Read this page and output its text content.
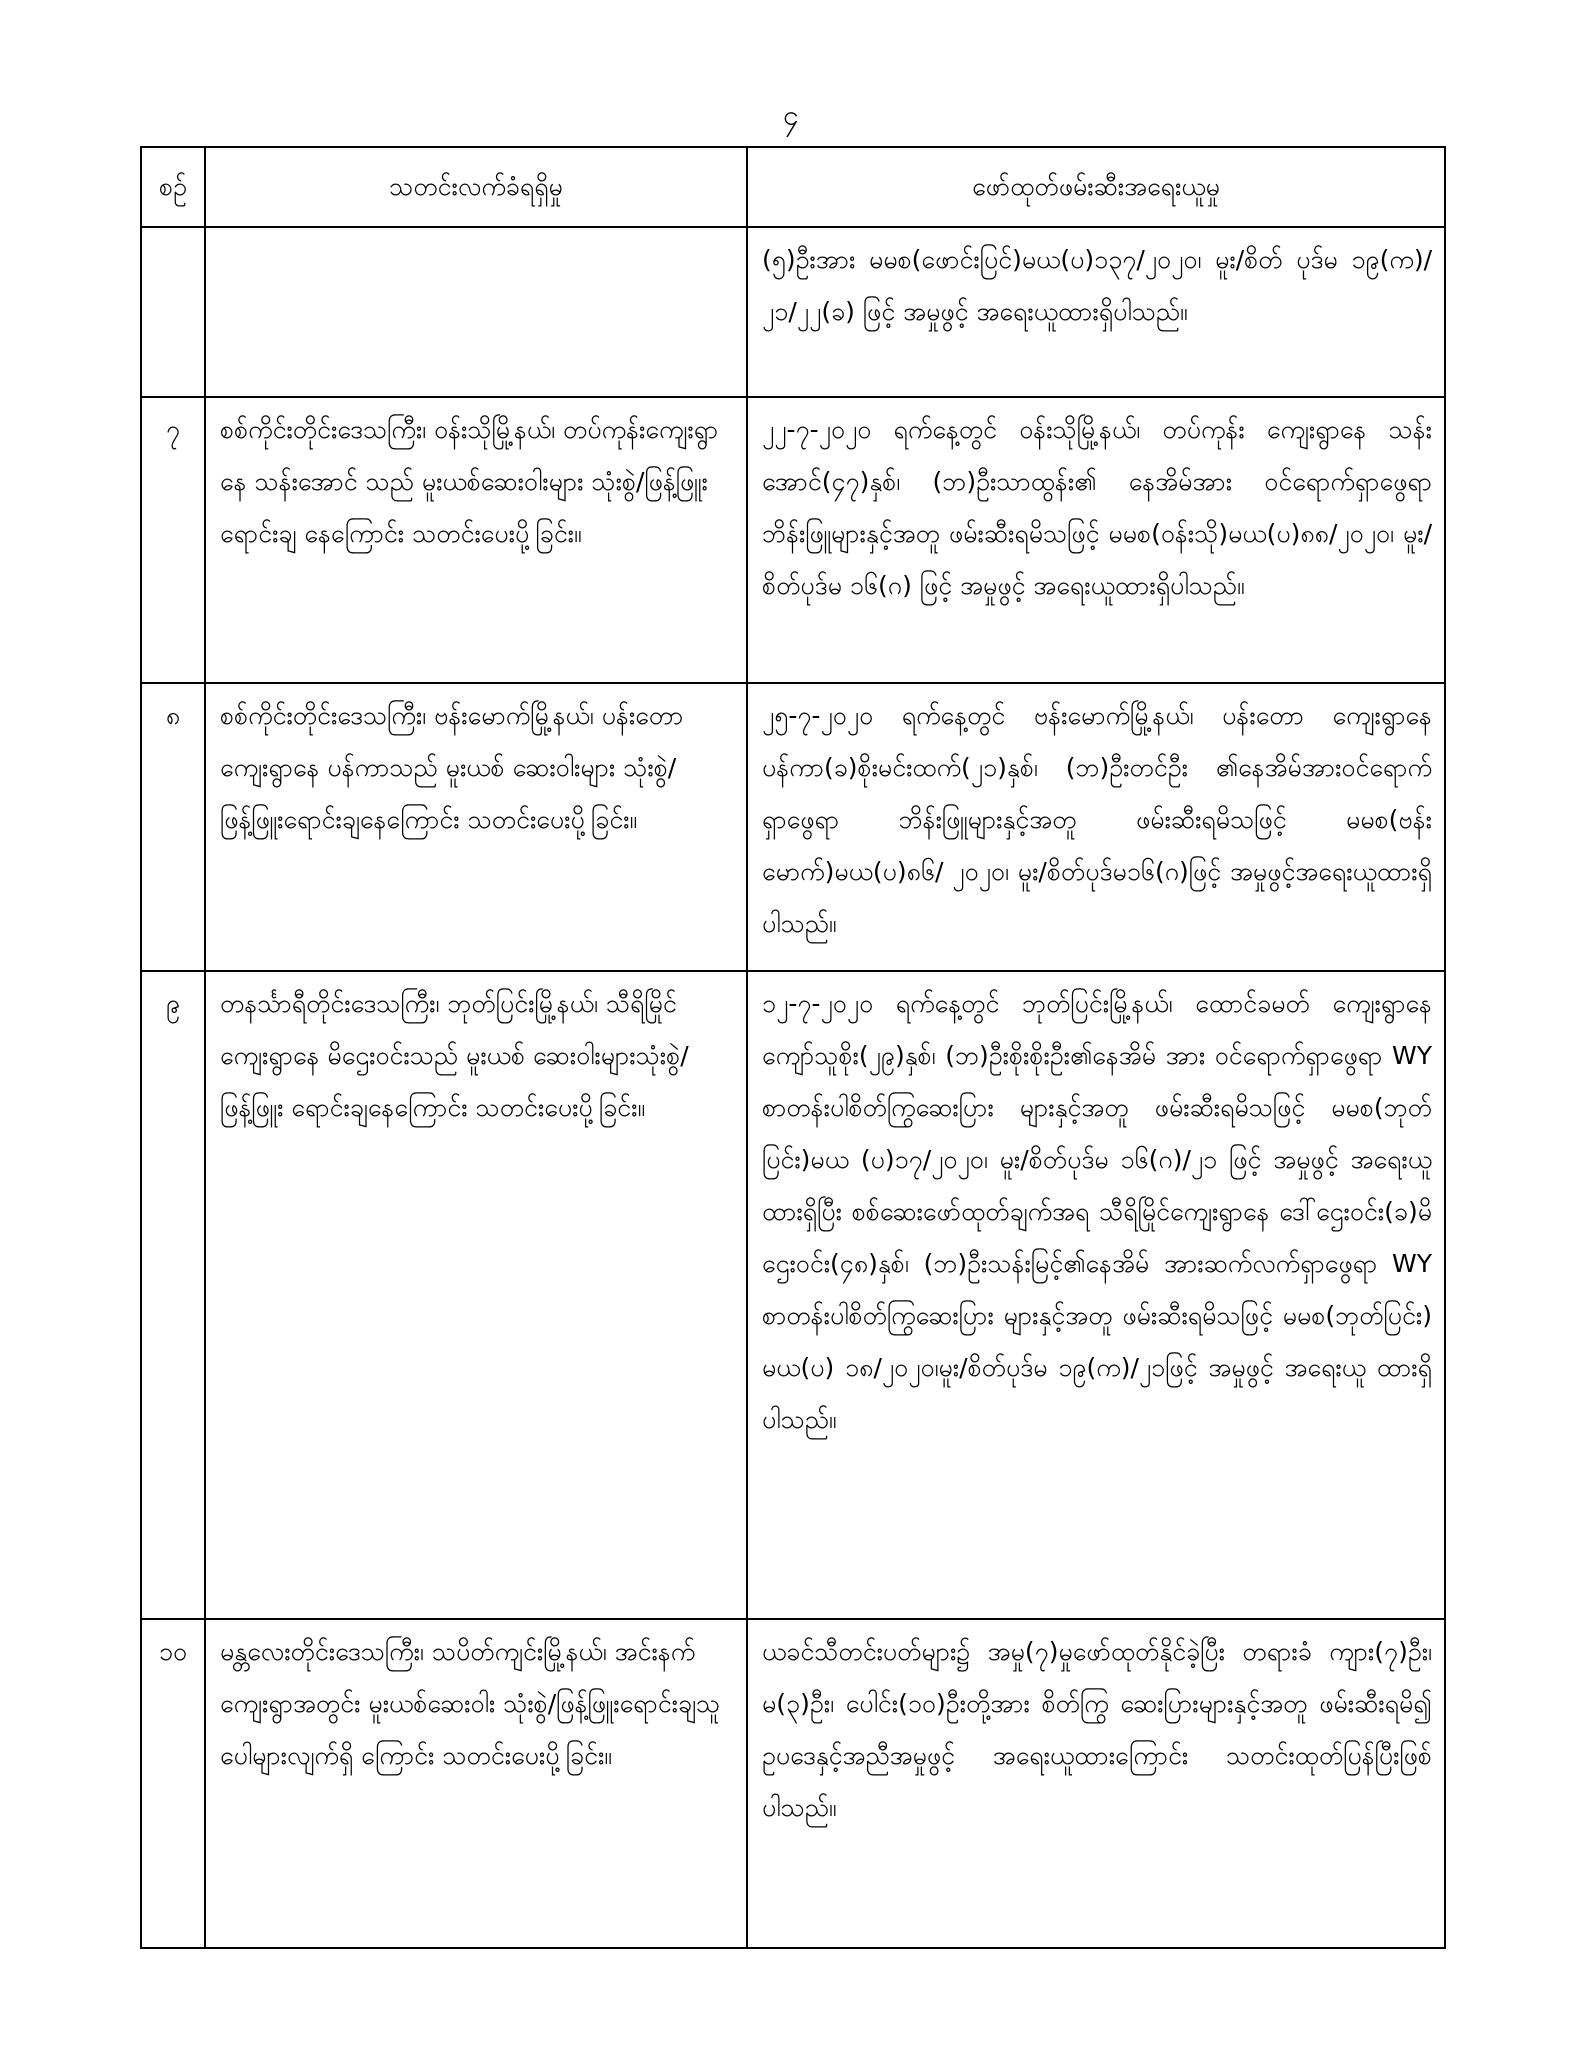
၄
စဉ်	သတင်းလက်ခံရရှိမှု	ဖော်ထုတ်ဖမ်းဆီးအရေးယူမှု
		(၅)ဦးအား မမစ(ဖောင်းပြင်)မယ(ပ)၁၃၇/၂၀၂၀၊ မူး/စိတ် ပုဒ်မ ၁၉(က)/၂၁/၂၂(ခ) ဖြင့် အမှုဖွင့် အရေးယူထားရှိပါသည်။
၇	စစ်ကိုင်းတိုင်းဒေသကြီး၊ ဝန်းသိုမြို့နယ်၊ တပ်ကုန်းကျေးရွာနေ သန်းအောင် သည် မူးယစ်ဆေးဝါးများ သုံးစွဲ/ဖြန့်ဖြူးရောင်းချ နေကြောင်း သတင်းပေးပို့ခြင်း။	၂၂-၇-၂၀၂၀ ရက်နေ့တွင် ဝန်းသိုမြို့နယ်၊ တပ်ကုန်း ကျေးရွာနေ သန်းအောင်(၄၇)နှစ်၊ (ဘ)ဦးသာထွန်း၏ နေအိမ်အား ဝင်ရောက်ရှာဖွေရာ ဘိန်းဖြူများနှင့်အတူ ဖမ်းဆီးရမိသဖြင့် မမစ(ဝန်းသို)မယ(ပ)၈၈/၂၀၂၀၊ မူး/စိတ်ပုဒ်မ ၁၆(ဂ) ဖြင့် အမှုဖွင့် အရေးယူထားရှိပါသည်။
၈	စစ်ကိုင်းတိုင်းဒေသကြီး၊ ဗန်းမောက်မြို့နယ်၊ ပန်းတောကျေးရွာနေ ပန်ကာသည် မူးယစ် ဆေးဝါးများ သုံးစွဲ/ဖြန့်ဖြူးရောင်းချနေကြောင်း သတင်းပေးပို့ခြင်း။	၂၅-၇-၂၀၂၀ ရက်နေ့တွင် ဗန်းမောက်မြို့နယ်၊ ပန်းတော ကျေးရွာနေ ပန်ကာ(ခ)စိုးမင်းထက်(၂၁)နှစ်၊ (ဘ)ဦးတင်ဦး ၏နေအိမ်အားဝင်ရောက်ရှာဖွေရာ ဘိန်းဖြူများနှင့်အတူ ဖမ်းဆီးရမိသဖြင့် မမစ(ဗန်းမောက်)မယ(ပ)၈၆/ ၂၀၂၀၊ မူး/စိတ်ပုဒ်မ၁၆(ဂ)ဖြင့် အမှုဖွင့်အရေးယူထားရှိပါသည်။
၉	တနင်္သာရီတိုင်းဒေသကြီး၊ ဘုတ်ပြင်းမြို့နယ်၊ သီရိမြိုင်ကျေးရွာနေ မိဌေးဝင်းသည် မူးယစ် ဆေးဝါးများသုံးစွဲ/ဖြန့်ဖြူး ရောင်းချနေကြောင်း သတင်းပေးပို့ခြင်း။	၁၂-၇-၂၀၂၀ ရက်နေ့တွင် ဘုတ်ပြင်းမြို့နယ်၊ ထောင်ခမတ် ကျေးရွာနေ ကျော်သူစိုး(၂၉)နှစ်၊ (ဘ)ဦးစိုးစိုးဦး၏နေအိမ် အား ဝင်ရောက်ရှာဖွေရာ WY စာတန်းပါစိတ်ကြွဆေးပြား များနှင့်အတူ ဖမ်းဆီးရမိသဖြင့် မမစ(ဘုတ်ပြင်း)မယ (ပ)၁၇/၂၀၂၀၊ မူး/စိတ်ပုဒ်မ ၁၆(ဂ)/၂၁ ဖြင့် အမှုဖွင့် အရေးယူ ထားရှိပြီး စစ်ဆေးဖော်ထုတ်ချက်အရ သီရိမြိုင်ကျေးရွာနေ ဒေါ်ဌေးဝင်း(ခ)မိဌေးဝင်း(၄၈)နှစ်၊ (ဘ)ဦးသန်းမြင့်၏နေအိမ် အားဆက်လက်ရှာဖွေရာ WY စာတန်းပါစိတ်ကြွဆေးပြား များနှင့်အတူ ဖမ်းဆီးရမိသဖြင့် မမစ(ဘုတ်ပြင်း) မယ(ပ) ၁၈/၂၀၂၀၊မူး/စိတ်ပုဒ်မ ၁၉(က)/၂၁ဖြင့် အမှုဖွင့် အရေးယူ ထားရှိပါသည်။
၁၀	မန္တလေးတိုင်းဒေသကြီး၊ သပိတ်ကျင်းမြို့နယ်၊ အင်းနက်ကျေးရွာအတွင်း မူးယစ်ဆေးဝါး သုံးစွဲ/ဖြန့်ဖြူးရောင်းချသူ ပေါများလျက်ရှိ ကြောင်း သတင်းပေးပို့ခြင်း။	ယခင်သီတင်းပတ်များ၌ အမှု(၇)မှုဖော်ထုတ်နိုင်ခဲ့ပြီး တရားခံ ကျား(၇)ဦး၊ မ(၃)ဦး၊ ပေါင်း(၁၀)ဦးတို့အား စိတ်ကြွ ဆေးပြားများနှင့်အတူ ဖမ်းဆီးရမိ၍ ဥပဒေနှင့်အညီအမှုဖွင့် အရေးယူထားကြောင်း သတင်းထုတ်ပြန်ပြီးဖြစ်ပါသည်။
